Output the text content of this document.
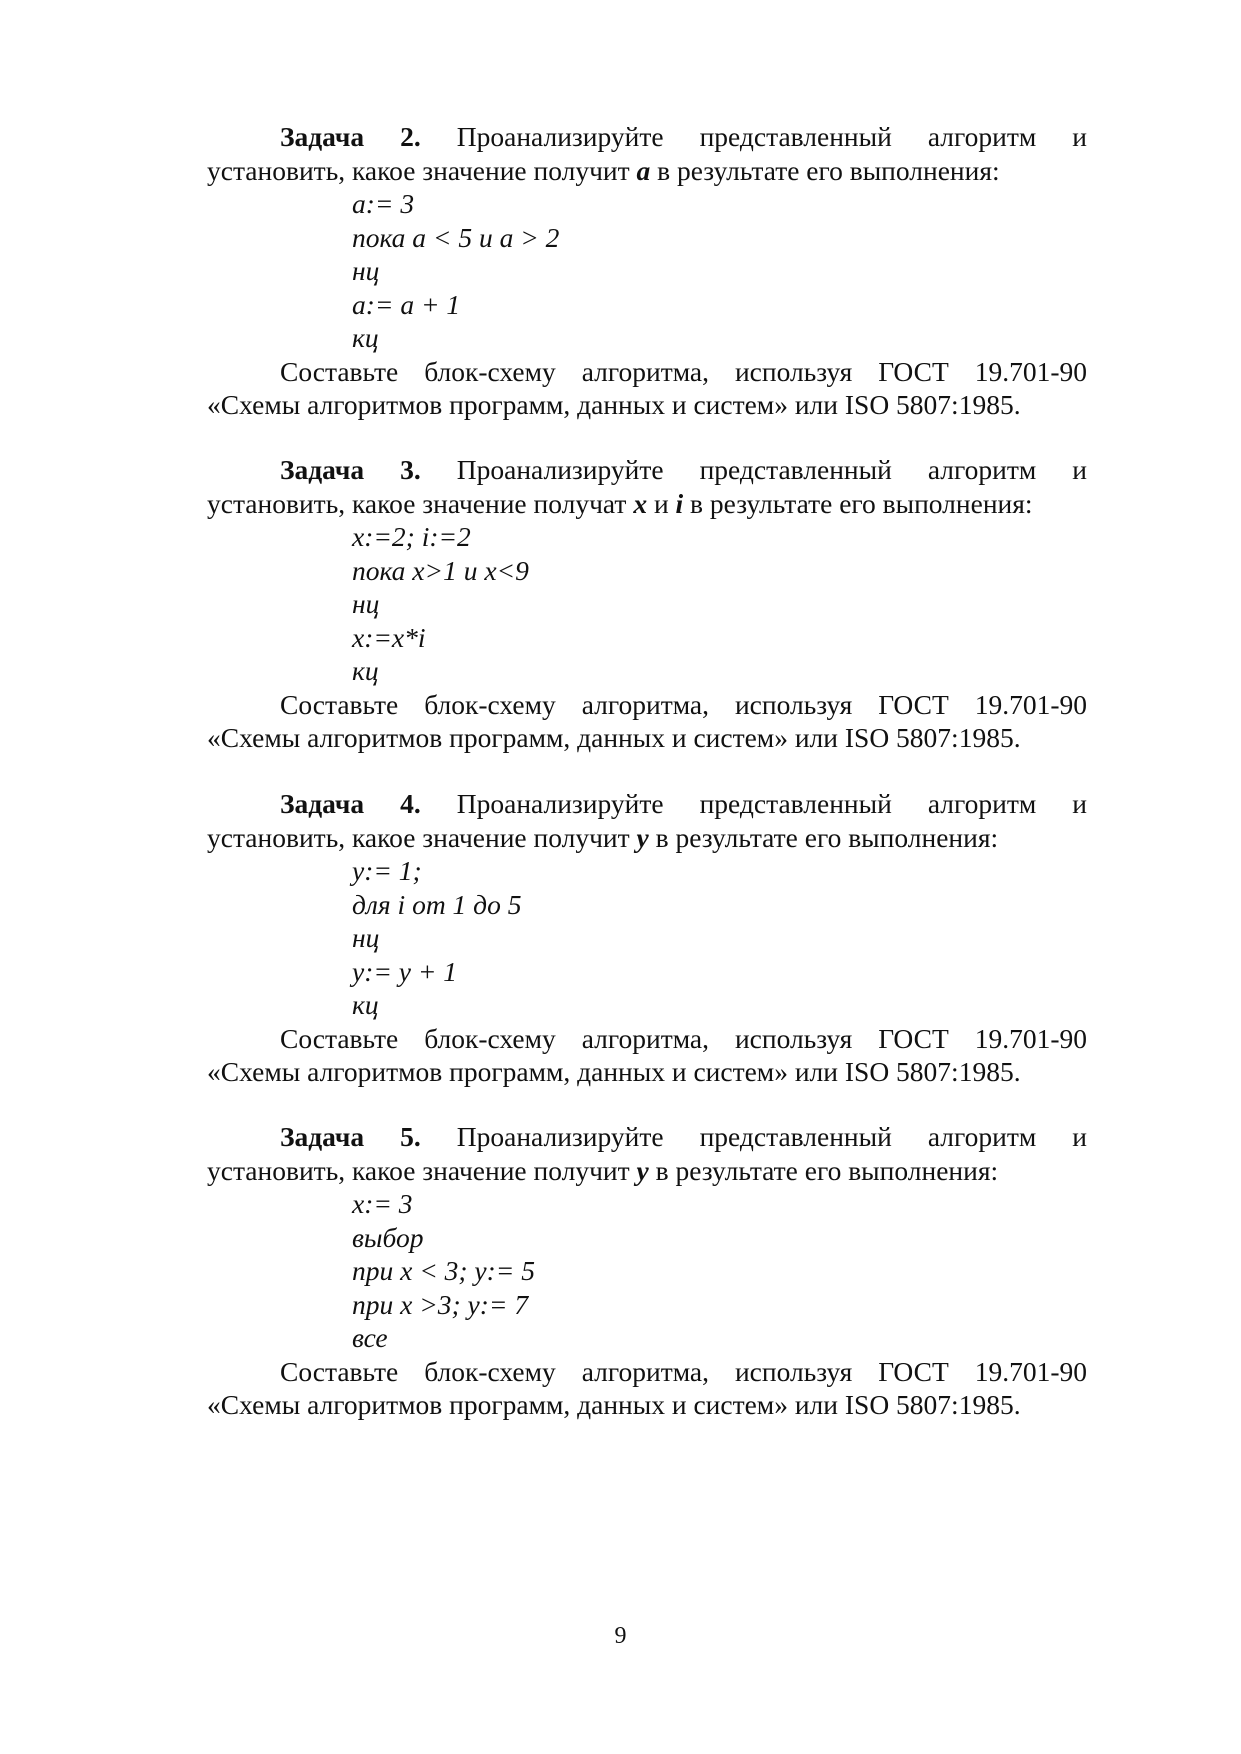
Задача 2. Проанализируйте представленный алгоритм и
установить, какое значение получит a в результате его выполнения:
a:= 3
пока a < 5 и a > 2
нц
a:= a + 1
кц
Составьте блок-схему алгоритма, используя ГОСТ 19.701-90
«Схемы алгоритмов программ, данных и систем» или ISO 5807:1985.
Задача 3. Проанализируйте представленный алгоритм и
установить, какое значение получат x и i в результате его выполнения:
x:=2; i:=2
пока x>1 и x<9
нц
x:=x*i
кц
Составьте блок-схему алгоритма, используя ГОСТ 19.701-90
«Схемы алгоритмов программ, данных и систем» или ISO 5807:1985.
Задача 4. Проанализируйте представленный алгоритм и
установить, какое значение получит y в результате его выполнения:
y:= 1;
для i от 1 до 5
нц
y:= y + 1
кц
Составьте блок-схему алгоритма, используя ГОСТ 19.701-90
«Схемы алгоритмов программ, данных и систем» или ISO 5807:1985.
Задача 5. Проанализируйте представленный алгоритм и
установить, какое значение получит y в результате его выполнения:
x:= 3
выбор
при x < 3; y:= 5
при x >3; y:= 7
все
Составьте блок-схему алгоритма, используя ГОСТ 19.701-90
«Схемы алгоритмов программ, данных и систем» или ISO 5807:1985.
9
